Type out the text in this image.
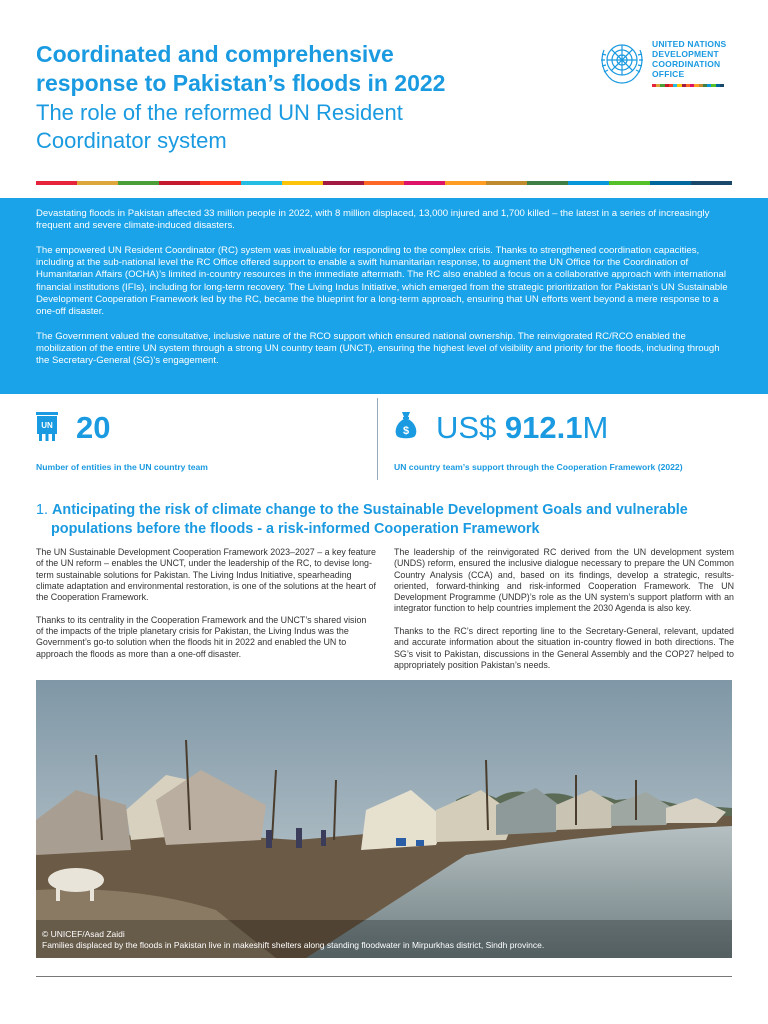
Coordinated and comprehensive
response to Pakistan’s floods in 2022
The role of the reformed UN Resident
Coordinator system
UNITED NATIONS
DEVELOPMENT
COORDINATION
OFFICE

Devastating floods in Pakistan affected 33 million people in 2022, with 8 million displaced, 13,000 injured and 1,700 killed – the latest in a series of increasingly frequent and severe climate-induced disasters.

The empowered UN Resident Coordinator (RC) system was invaluable for responding to the complex crisis. Thanks to strengthened coordination capacities, including at the sub-national level the RC Office offered support to enable a swift humanitarian response, to augment the UN Office for the Coordination of Humanitarian Affairs (OCHA)’s limited in-country resources in the immediate aftermath. The RC also enabled a focus on a collaborative approach with international financial institutions (IFIs), including for long-term recovery. The Living Indus Initiative, which emerged from the strategic prioritization for Pakistan’s UN Sustainable Development Cooperation Framework led by the RC, became the blueprint for a long-term approach, ensuring that UN efforts went beyond a mere response to a one-off disaster.

The Government valued the consultative, inclusive nature of the RCO support which ensured national ownership. The reinvigorated RC/RCO enabled the mobilization of the entire UN system through a strong UN country team (UNCT), ensuring the highest level of visibility and priority for the floods, including through the Secretary-General (SG)’s engagement.

UN 20
Number of entities in the UN country team
$ US$ 912.1M
UN country team’s support through the Cooperation Framework (2022)
1. Anticipating the risk of climate change to the Sustainable Development Goals and vulnerable
populations before the floods - a risk-informed Cooperation Framework

The UN Sustainable Development Cooperation Framework 2023–2027 – a key feature of the UN reform – enables the UNCT, under the leadership of the RC, to devise long-term sustainable solutions for Pakistan. The Living Indus Initiative, spearheading climate adaptation and environmental restoration, is one of the solutions at the heart of the Cooperation Framework.

Thanks to its centrality in the Cooperation Framework and the UNCT’s shared vision of the impacts of the triple planetary crisis for Pakistan, the Living Indus was the Government’s go-to solution when the floods hit in 2022 and enabled the UN to approach the floods as more than a one-off disaster.

The leadership of the reinvigorated RC derived from the UN development system (UNDS) reform, ensured the inclusive dialogue necessary to prepare the UN Common Country Analysis (CCA) and, based on its findings, develop a strategic, results-oriented, forward-thinking and risk-informed Cooperation Framework. The UN Development Programme (UNDP)’s role as the UN system’s support platform with an integrator function to help countries implement the 2030 Agenda is also key.

Thanks to the RC’s direct reporting line to the Secretary-General, relevant, updated and accurate information about the situation in-country flowed in both directions. The SG’s visit to Pakistan, discussions in the General Assembly and the COP27 helped to appropriately position Pakistan’s needs.

© UNICEF/Asad Zaidi
Families displaced by the floods in Pakistan live in makeshift shelters along standing floodwater in Mirpurkhas district, Sindh province.
